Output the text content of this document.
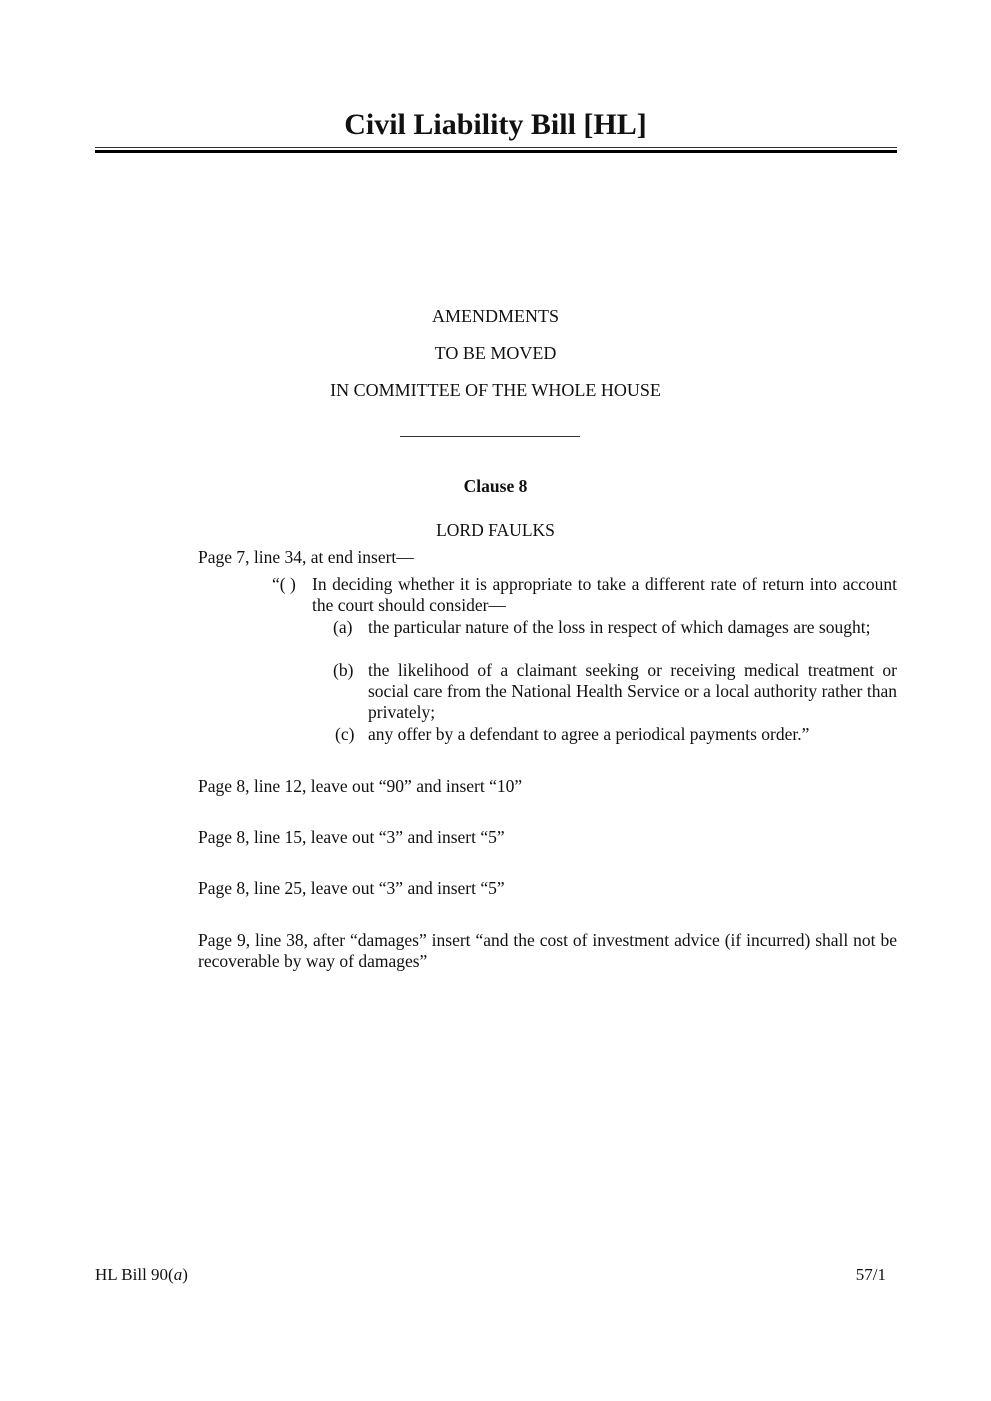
Civil Liability Bill [HL]
AMENDMENTS
TO BE MOVED
IN COMMITTEE OF THE WHOLE HOUSE
Clause 8
LORD FAULKS
Page 7, line 34, at end insert—
“( ) In deciding whether it is appropriate to take a different rate of return into account the court should consider—
(a) the particular nature of the loss in respect of which damages are sought;
(b) the likelihood of a claimant seeking or receiving medical treatment or social care from the National Health Service or a local authority rather than privately;
(c) any offer by a defendant to agree a periodical payments order.”
Page 8, line 12, leave out “90” and insert “10”
Page 8, line 15, leave out “3” and insert “5”
Page 8, line 25, leave out “3” and insert “5”
Page 9, line 38, after “damages” insert “and the cost of investment advice (if incurred) shall not be recoverable by way of damages”
HL Bill 90(a)	57/1
